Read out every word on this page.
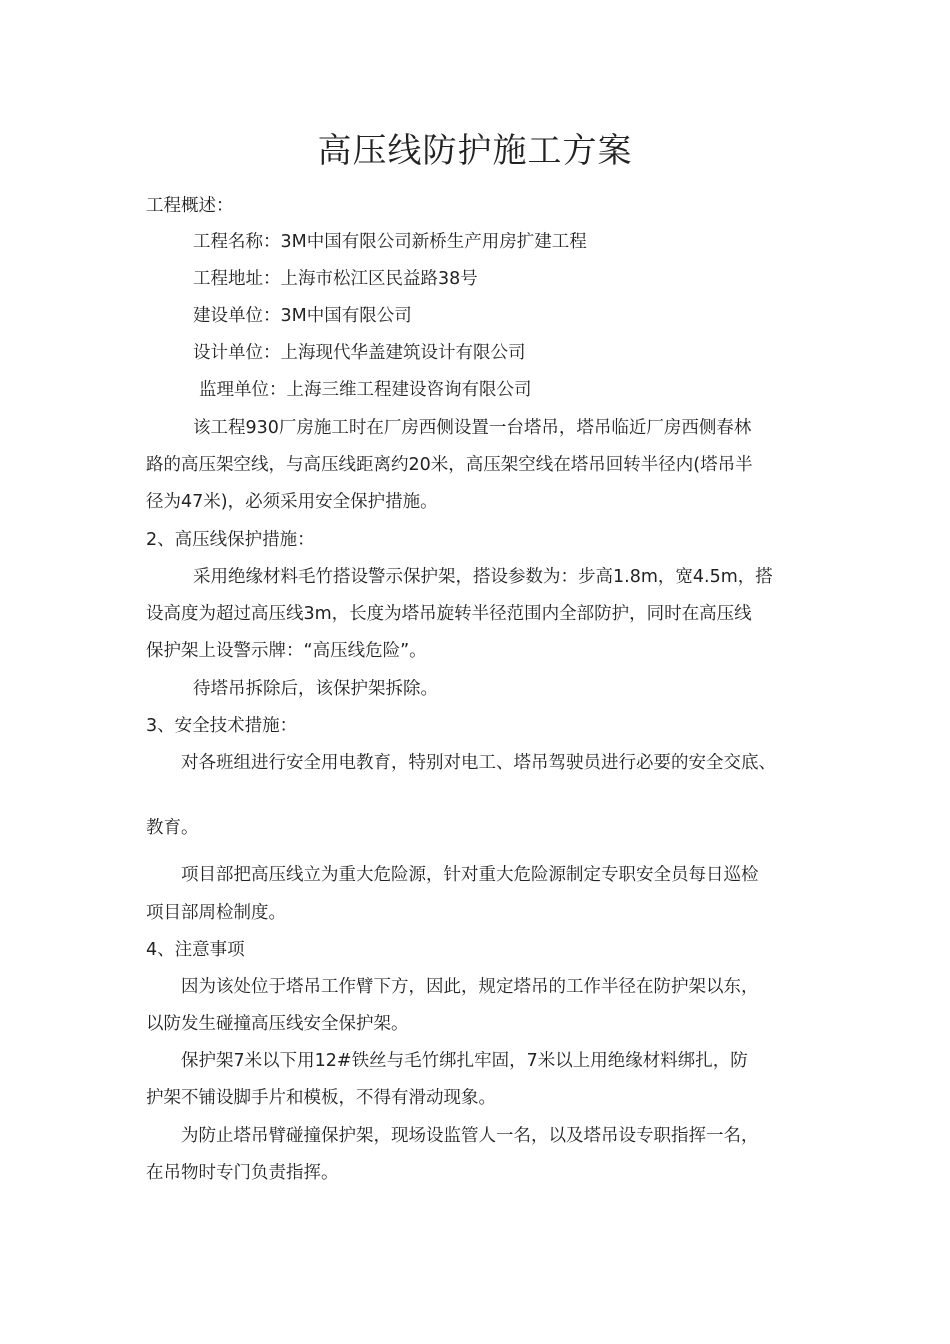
高压线防护施工方案
工程概述：
工程名称：3M中国有限公司新桥生产用房扩建工程
工程地址：上海市松江区民益路38号
建设单位：3M中国有限公司
设计单位：上海现代华盖建筑设计有限公司
监理单位：上海三维工程建设咨询有限公司
该工程930厂房施工时在厂房西侧设置一台塔吊，塔吊临近厂房西侧春林
路的高压架空线，与高压线距离约20米，高压架空线在塔吊回转半径内(塔吊半
径为47米)，必须采用安全保护措施。
2、高压线保护措施：
采用绝缘材料毛竹搭设警示保护架，搭设参数为：步高1.8m，宽4.5m，搭
设高度为超过高压线3m，长度为塔吊旋转半径范围内全部防护，同时在高压线
保护架上设警示牌：“高压线危险”。
待塔吊拆除后，该保护架拆除。
3、安全技术措施：
对各班组进行安全用电教育，特别对电工、塔吊驾驶员进行必要的安全交底、
教育。
项目部把高压线立为重大危险源，针对重大危险源制定专职安全员每日巡检
项目部周检制度。
4、注意事项
因为该处位于塔吊工作臂下方，因此，规定塔吊的工作半径在防护架以东，
以防发生碰撞高压线安全保护架。
保护架7米以下用12#铁丝与毛竹绑扎牢固，7米以上用绝缘材料绑扎，防
护架不铺设脚手片和模板，不得有滑动现象。
为防止塔吊臂碰撞保护架，现场设监管人一名，以及塔吊设专职指挥一名，
在吊物时专门负责指挥。
